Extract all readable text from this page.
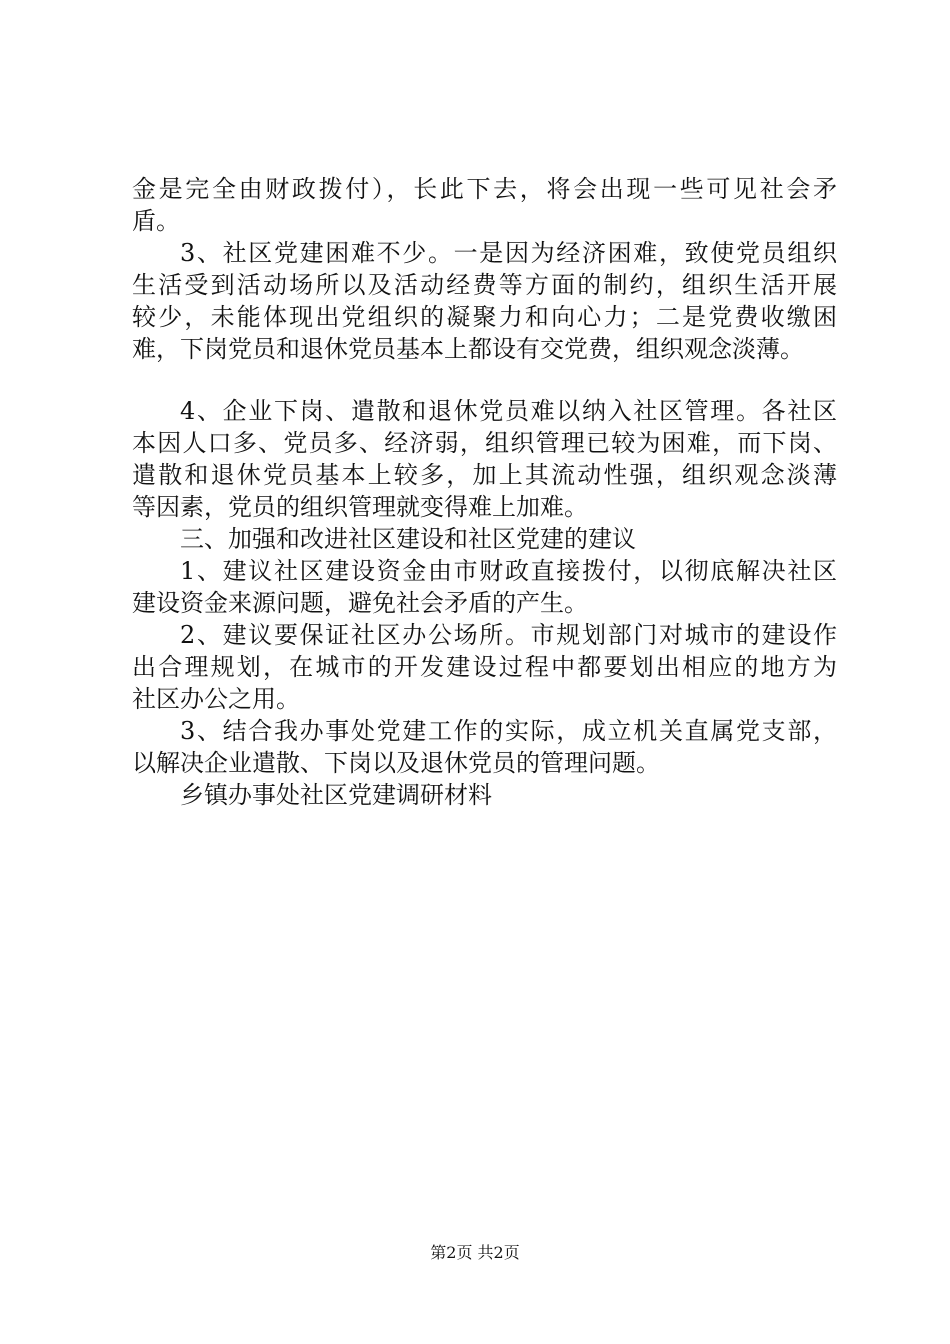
金是完全由财政拨付），长此下去，将会出现一些可见社会矛
盾。
3、社区党建困难不少。一是因为经济困难，致使党员组织
生活受到活动场所以及活动经费等方面的制约，组织生活开展
较少，未能体现出党组织的凝聚力和向心力；二是党费收缴困
难，下岗党员和退休党员基本上都设有交党费，组织观念淡薄。
4、企业下岗、遣散和退休党员难以纳入社区管理。各社区
本因人口多、党员多、经济弱，组织管理已较为困难，而下岗、
遣散和退休党员基本上较多，加上其流动性强，组织观念淡薄
等因素，党员的组织管理就变得难上加难。
三、加强和改进社区建设和社区党建的建议
1、建议社区建设资金由市财政直接拨付，以彻底解决社区
建设资金来源问题，避免社会矛盾的产生。
2、建议要保证社区办公场所。市规划部门对城市的建设作
出合理规划，在城市的开发建设过程中都要划出相应的地方为
社区办公之用。
3、结合我办事处党建工作的实际，成立机关直属党支部，
以解决企业遣散、下岗以及退休党员的管理问题。
乡镇办事处社区党建调研材料
第2页 共2页
